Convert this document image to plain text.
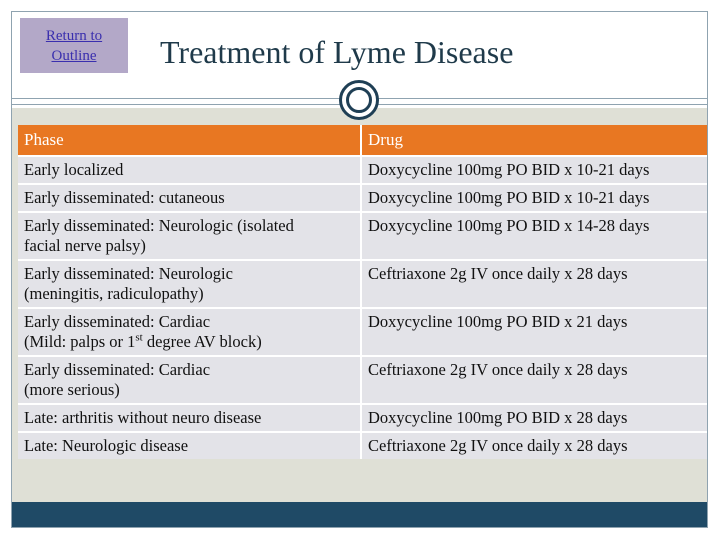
Return to
Outline Treatment of Lyme Disease
Phase	Drug
Early localized	Doxycycline 100mg PO BID x 10-21 days
Early disseminated: cutaneous	Doxycycline 100mg PO BID x 10-21 days

Early disseminated: Neurologic (isolated
facial nerve palsy)	Doxycycline 100mg PO BID x 14-28 days

Early disseminated: Neurologic
(meningitis, radiculopathy)	Ceftriaxone 2g IV once daily x 28 days

Early disseminated: Cardiac
(Mild: palps or 1st degree AV block)	Doxycycline 100mg PO BID x 21 days

Early disseminated: Cardiac
(more serious)	Ceftriaxone 2g IV once daily x 28 days
Late: arthritis without neuro disease	Doxycycline 100mg PO BID x 28 days
Late: Neurologic disease	Ceftriaxone 2g IV once daily x 28 days
